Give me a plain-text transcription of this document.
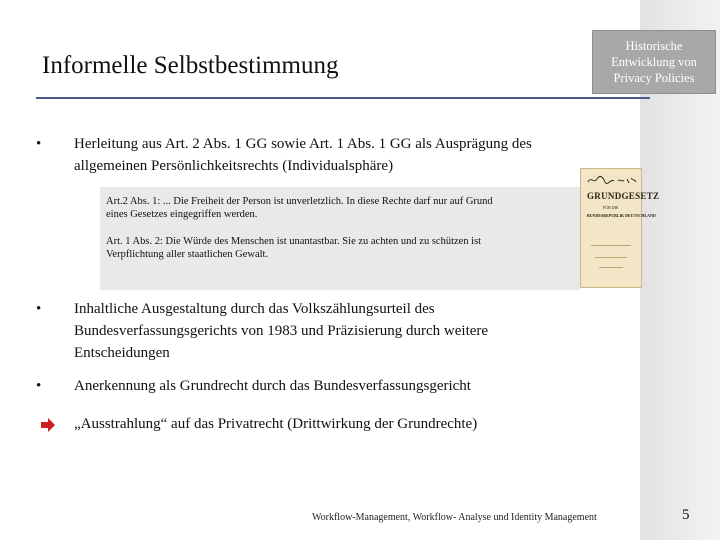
Historische
Entwicklung von
Privacy Policies
Informelle Selbstbestimmung
•	Herleitung aus Art. 2 Abs. 1 GG sowie Art. 1 Abs. 1 GG als Ausprägung des
allgemeinen Persönlichkeitsrechts (Individualsphäre)

Art.2 Abs. 1: ... Die Freiheit der Person ist unverletzlich. In diese Rechte darf nur auf Grund
eines Gesetzes eingegriffen werden.

Art. 1 Abs. 2: Die Würde des Menschen ist unantastbar. Sie zu achten und zu schützen ist
Verpflichtung aller staatlichen Gewalt.

GRUNDGESETZ
FÜR DIE
BUNDESREPUBLIK DEUTSCHLAND
•	Inhaltliche Ausgestaltung durch das Volkszählungsurteil des
Bundesverfassungsgerichts von 1983 und Präzisierung durch weitere
Entscheidungen
•	Anerkennung als Grundrecht durch das Bundesverfassungsgericht
„Ausstrahlung“ auf das Privatrecht (Drittwirkung der Grundrechte)
Workflow-Management, Workflow- Analyse und Identity Management	5
